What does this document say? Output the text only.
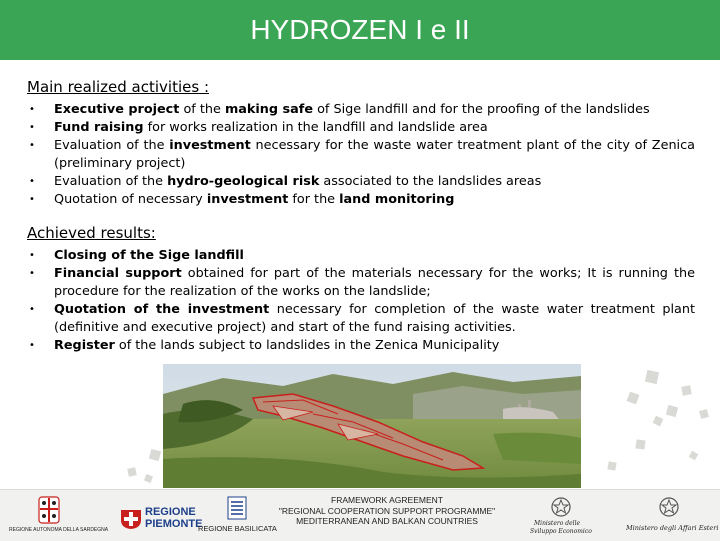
HYDROZEN I e II
Main realized activities :
• Executive project of the making safe of Sige landfill and for the proofing of the landslides
• Fund raising for works realization in the landfill and landslide area
• Evaluation of the investment necessary for the waste water treatment plant of the city of Zenica (preliminary project)
• Evaluation of the hydro-geological risk associated to the landslides areas
• Quotation of necessary investment for the land monitoring
Achieved results:
• Closing of the Sige landfill
• Financial support obtained for part of the materials necessary for the works; It is running the procedure for the realization of the works on the landslide;
• Quotation of the investment necessary for completion of the waste water treatment plant (definitive and executive project) and start of the fund raising activities.
• Register of the lands subject to landslides in the Zenica Municipality
REGIONE AUTONOMA DELLA SARDEGNA
REGIONE
PIEMONTE
REGIONE BASILICATA
FRAMEWORK AGREEMENT
"REGIONAL COOPERATION SUPPORT PROGRAMME"
MEDITERRANEAN AND BALKAN COUNTRIES	Ministero delle
Sviluppo Economico	Ministero degli Affari Esteri
